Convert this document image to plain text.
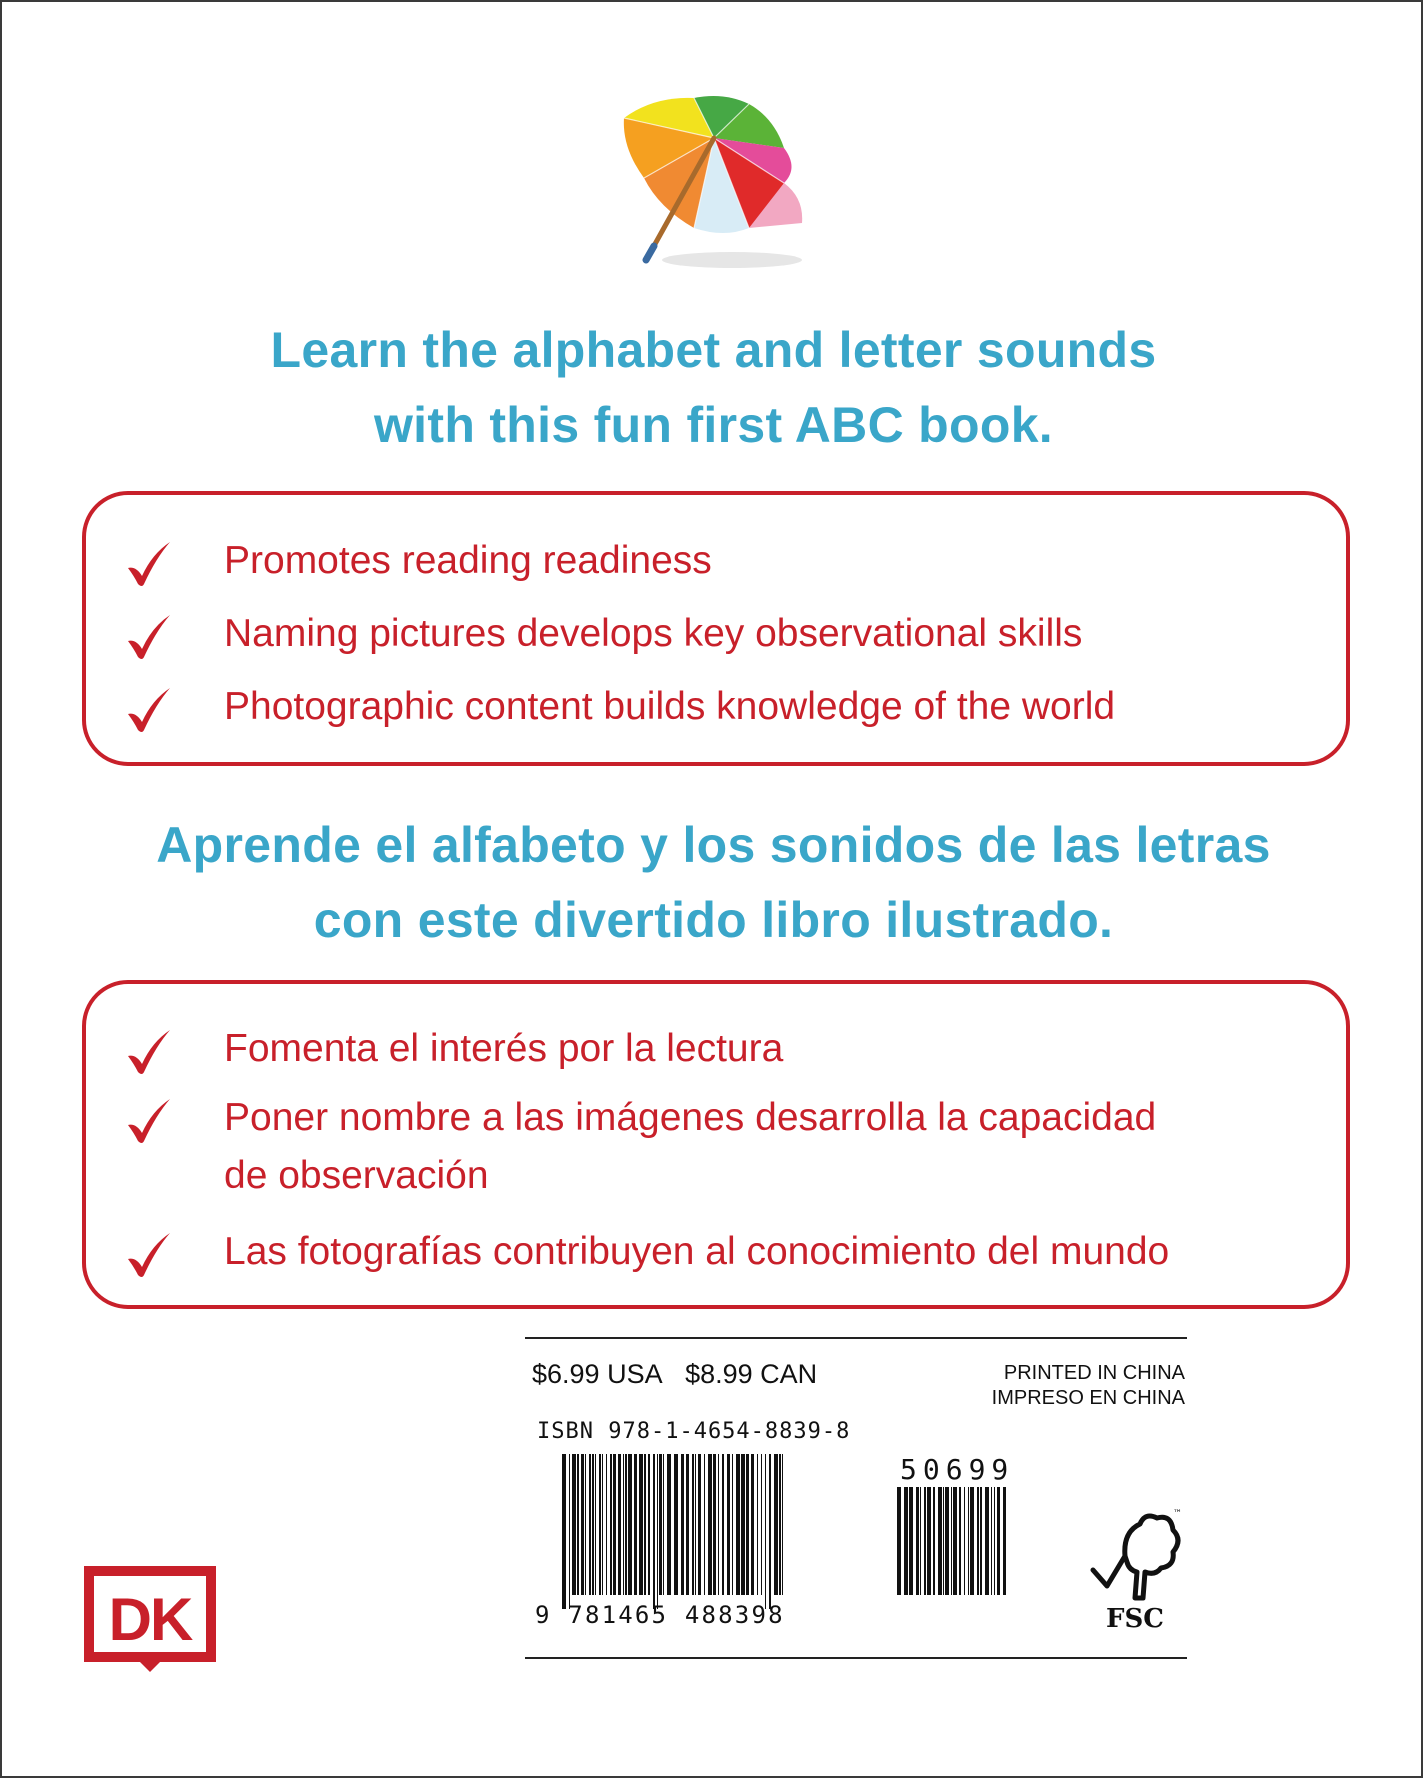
Learn the alphabet and letter sounds
with this fun first ABC book.
Promotes reading readiness
Naming pictures develops key observational skills
Photographic content builds knowledge of the world
Aprende el alfabeto y los sonidos de las letras
con este divertido libro ilustrado.
Fomenta el interés por la lectura
Poner nombre a las imágenes desarrolla la capacidad
de observación
Las fotografías contribuyen al conocimiento del mundo
$6.99 USA $8.99 CAN	PRINTED IN CHINA
IMPRESO EN CHINA
ISBN 978-1-4654-8839-8
9 781465 488398
50699
™
FSC
DK
